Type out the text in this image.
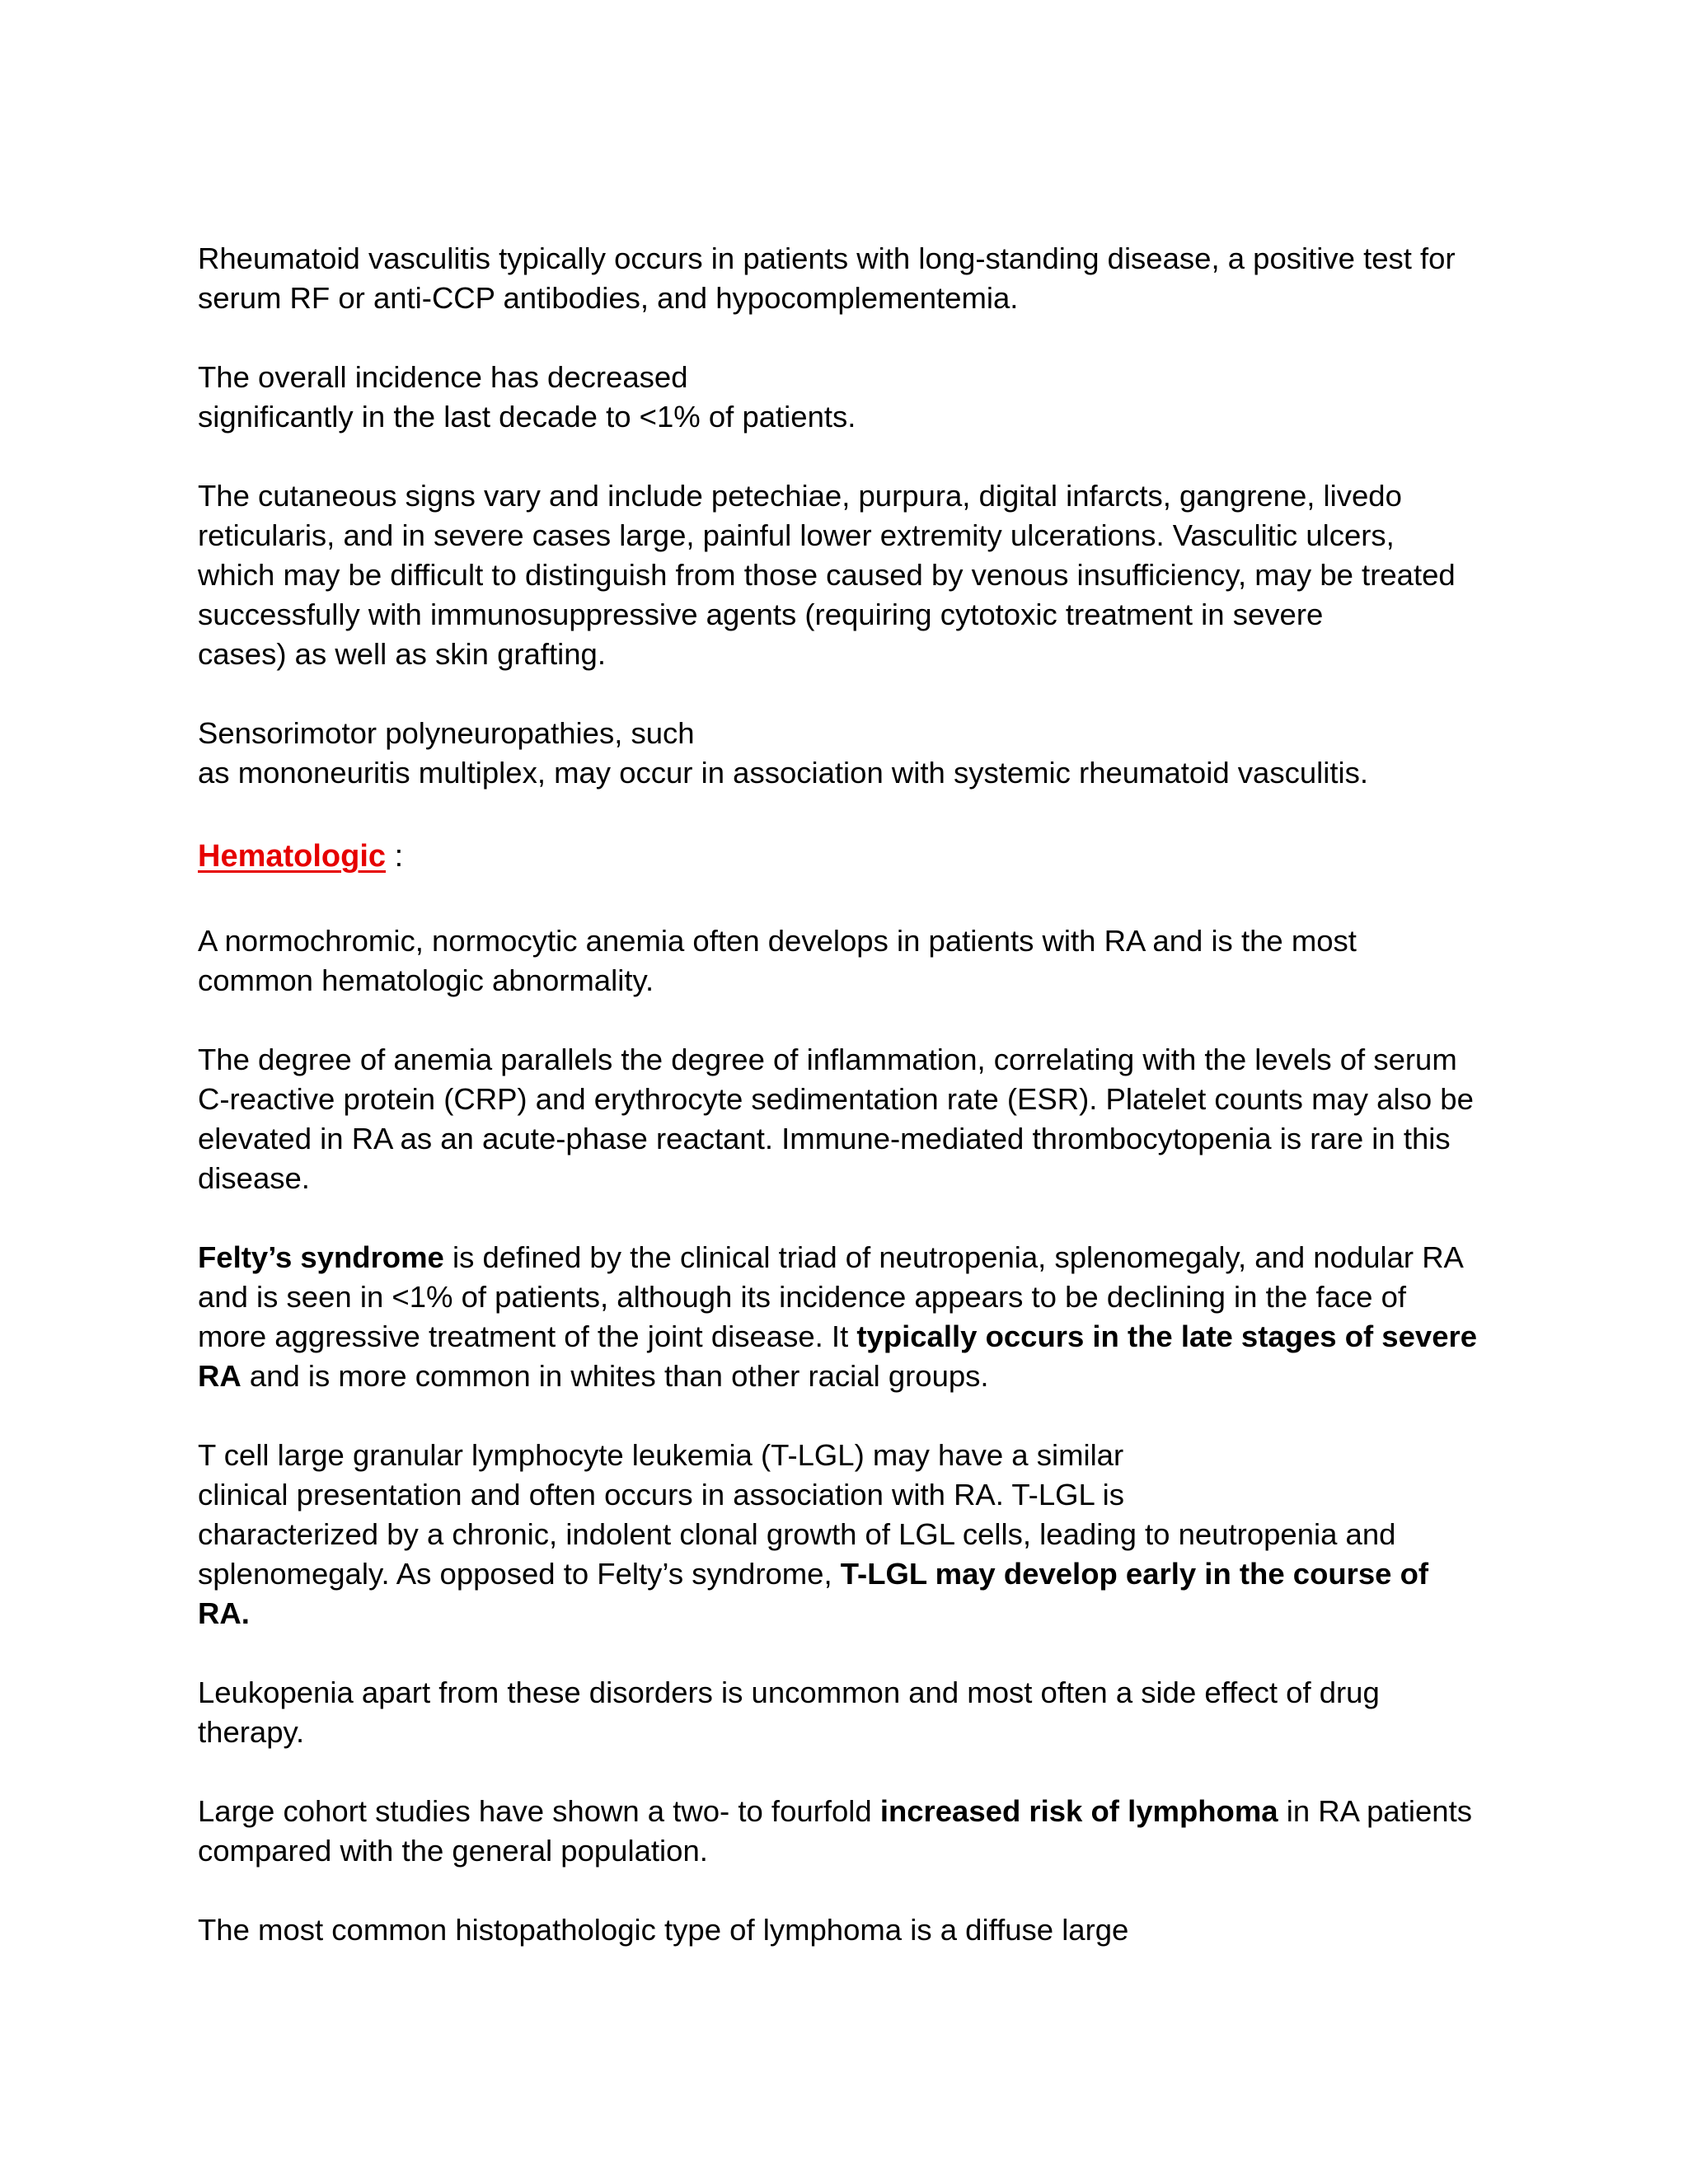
Rheumatoid vasculitis typically occurs in patients with long-standing disease, a positive test for
serum RF or anti-CCP antibodies, and hypocomplementemia.

The overall incidence has decreased
significantly in the last decade to <1% of patients.

The cutaneous signs vary and include petechiae, purpura, digital infarcts, gangrene, livedo
reticularis, and in severe cases large, painful lower extremity ulcerations. Vasculitic ulcers,
which may be difficult to distinguish from those caused by venous insufficiency, may be treated
successfully with immunosuppressive agents (requiring cytotoxic treatment in severe
cases) as well as skin grafting.

Sensorimotor polyneuropathies, such
as mononeuritis multiplex, may occur in association with systemic rheumatoid vasculitis.

Hematologic :

A normochromic, normocytic anemia often develops in patients with RA and is the most
common hematologic abnormality.

The degree of anemia parallels the degree of inflammation, correlating with the levels of serum
C-reactive protein (CRP) and erythrocyte sedimentation rate (ESR). Platelet counts may also be
elevated in RA as an acute-phase reactant. Immune-mediated thrombocytopenia is rare in this
disease.

Felty’s syndrome is defined by the clinical triad of neutropenia, splenomegaly, and nodular RA
and is seen in <1% of patients, although its incidence appears to be declining in the face of
more aggressive treatment of the joint disease. It typically occurs in the late stages of severe
RA and is more common in whites than other racial groups.

T cell large granular lymphocyte leukemia (T-LGL) may have a similar
clinical presentation and often occurs in association with RA. T-LGL is
characterized by a chronic, indolent clonal growth of LGL cells, leading to neutropenia and
splenomegaly. As opposed to Felty’s syndrome, T-LGL may develop early in the course of
RA.

Leukopenia apart from these disorders is uncommon and most often a side effect of drug
therapy.

Large cohort studies have shown a two- to fourfold increased risk of lymphoma in RA patients
compared with the general population.

The most common histopathologic type of lymphoma is a diffuse large
